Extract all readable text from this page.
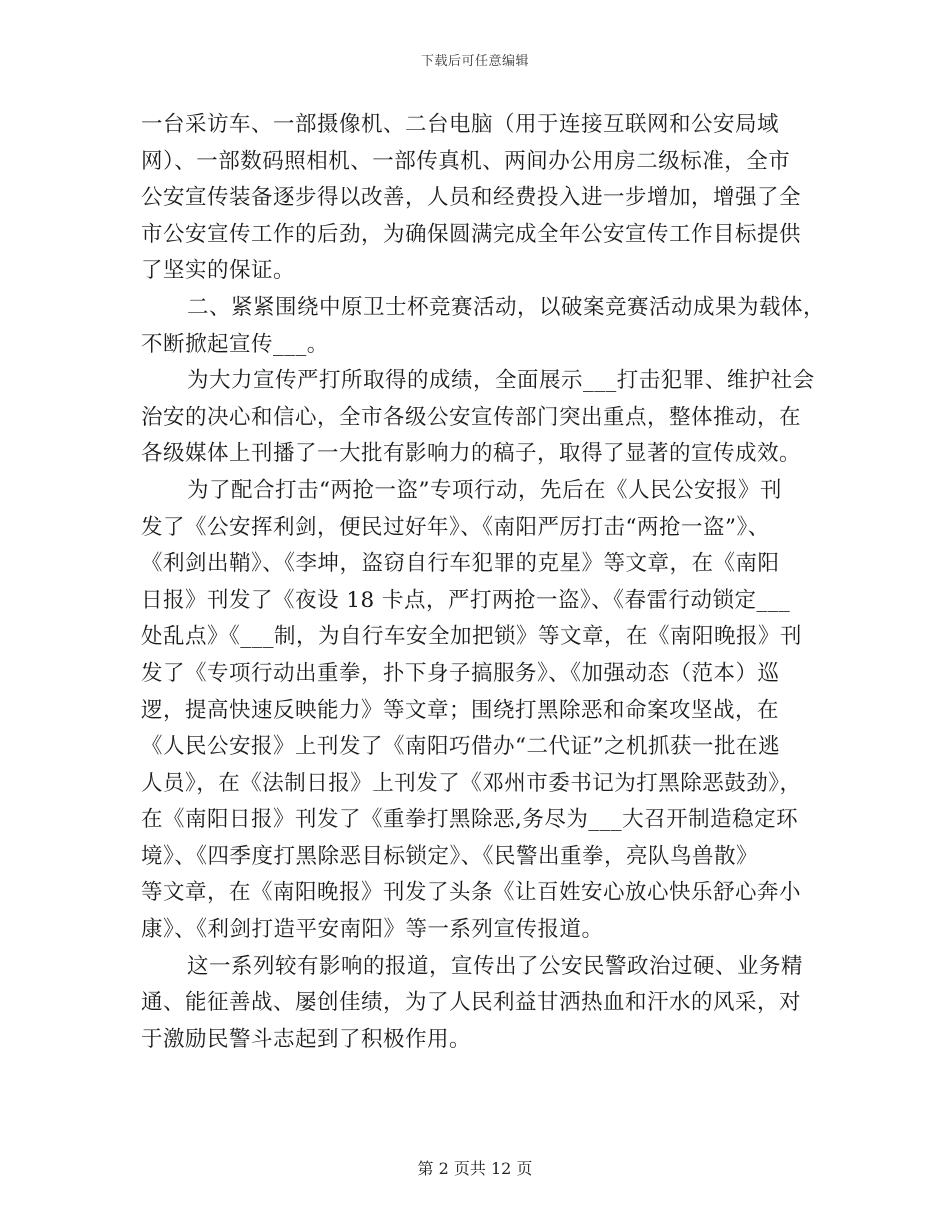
下载后可任意编辑
一台采访车、一部摄像机、二台电脑（用于连接互联网和公安局域
网）、一部数码照相机、一部传真机、两间办公用房二级标准，全市
公安宣传装备逐步得以改善，人员和经费投入进一步增加，增强了全
市公安宣传工作的后劲，为确保圆满完成全年公安宣传工作目标提供
了坚实的保证。
二、紧紧围绕中原卫士杯竞赛活动，以破案竞赛活动成果为载体，
不断掀起宣传___。
为大力宣传严打所取得的成绩，全面展示___打击犯罪、维护社会
治安的决心和信心，全市各级公安宣传部门突出重点，整体推动，在
各级媒体上刊播了一大批有影响力的稿子，取得了显著的宣传成效。
为了配合打击“两抢一盗”专项行动，先后在《人民公安报》刊
发了《公安挥利剑，便民过好年》、《南阳严厉打击“两抢一盗”》、
《利剑出鞘》、《李坤，盗窃自行车犯罪的克星》等文章，在《南阳
日报》刊发了《夜设 18 卡点，严打两抢一盗》、《春雷行动锁定___
处乱点》《___制，为自行车安全加把锁》等文章，在《南阳晚报》刊
发了《专项行动出重拳，扑下身子搞服务》、《加强动态（范本）巡
逻，提高快速反映能力》等文章；围绕打黑除恶和命案攻坚战，在
《人民公安报》上刊发了《南阳巧借办“二代证”之机抓获一批在逃
人员》，在《法制日报》上刊发了《邓州市委书记为打黑除恶鼓劲》，
在《南阳日报》刊发了《重拳打黑除恶,务尽为___大召开制造稳定环
境》、《四季度打黑除恶目标锁定》、《民警出重拳，亮队鸟兽散》
等文章，在《南阳晚报》刊发了头条《让百姓安心放心快乐舒心奔小
康》、《利剑打造平安南阳》等一系列宣传报道。
这一系列较有影响的报道，宣传出了公安民警政治过硬、业务精
通、能征善战、屡创佳绩，为了人民利益甘洒热血和汗水的风采，对
于激励民警斗志起到了积极作用。
第 2 页共 12 页
